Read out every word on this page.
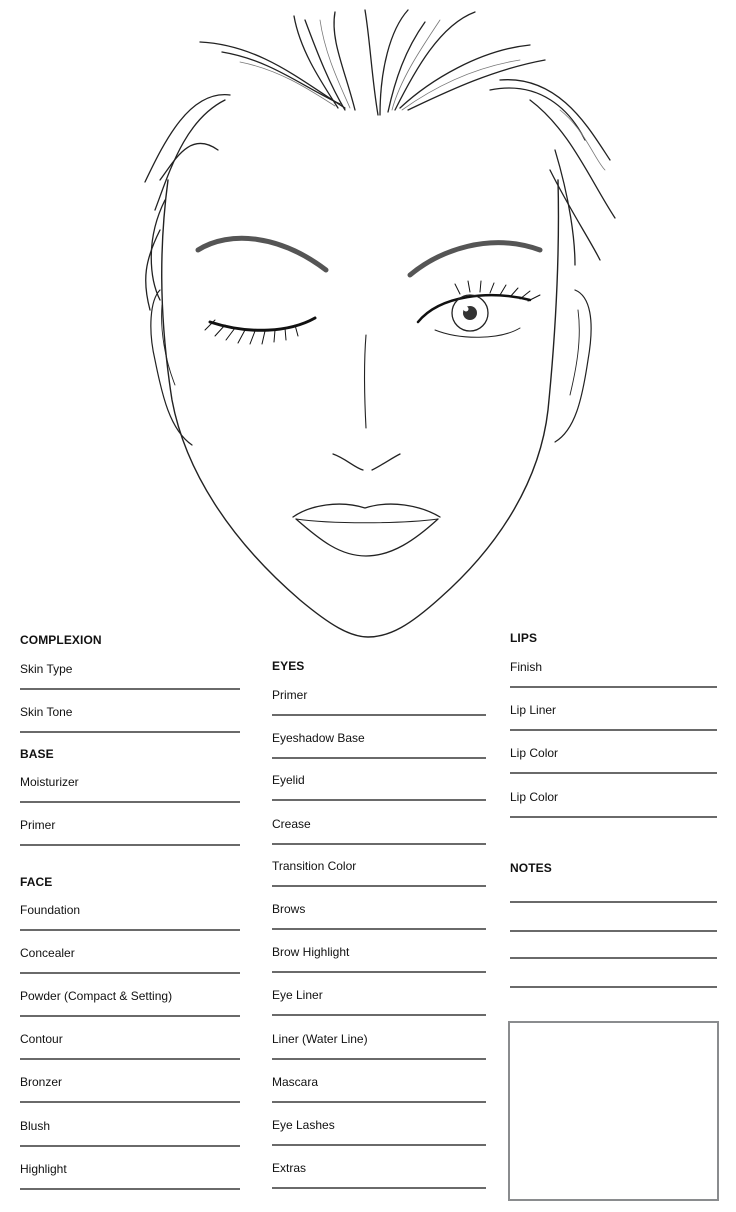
COMPLEXION
Skin Type
Skin Tone
BASE
Moisturizer
Primer
FACE
Foundation
Concealer
Powder (Compact & Setting)
Contour
Bronzer
Blush
Highlight
EYES
Primer
Eyeshadow Base
Eyelid
Crease
Transition Color
Brows
Brow Highlight
Eye Liner
Liner (Water Line)
Mascara
Eye Lashes
Extras
LIPS
Finish
Lip Liner
Lip Color
Lip Color
NOTES
